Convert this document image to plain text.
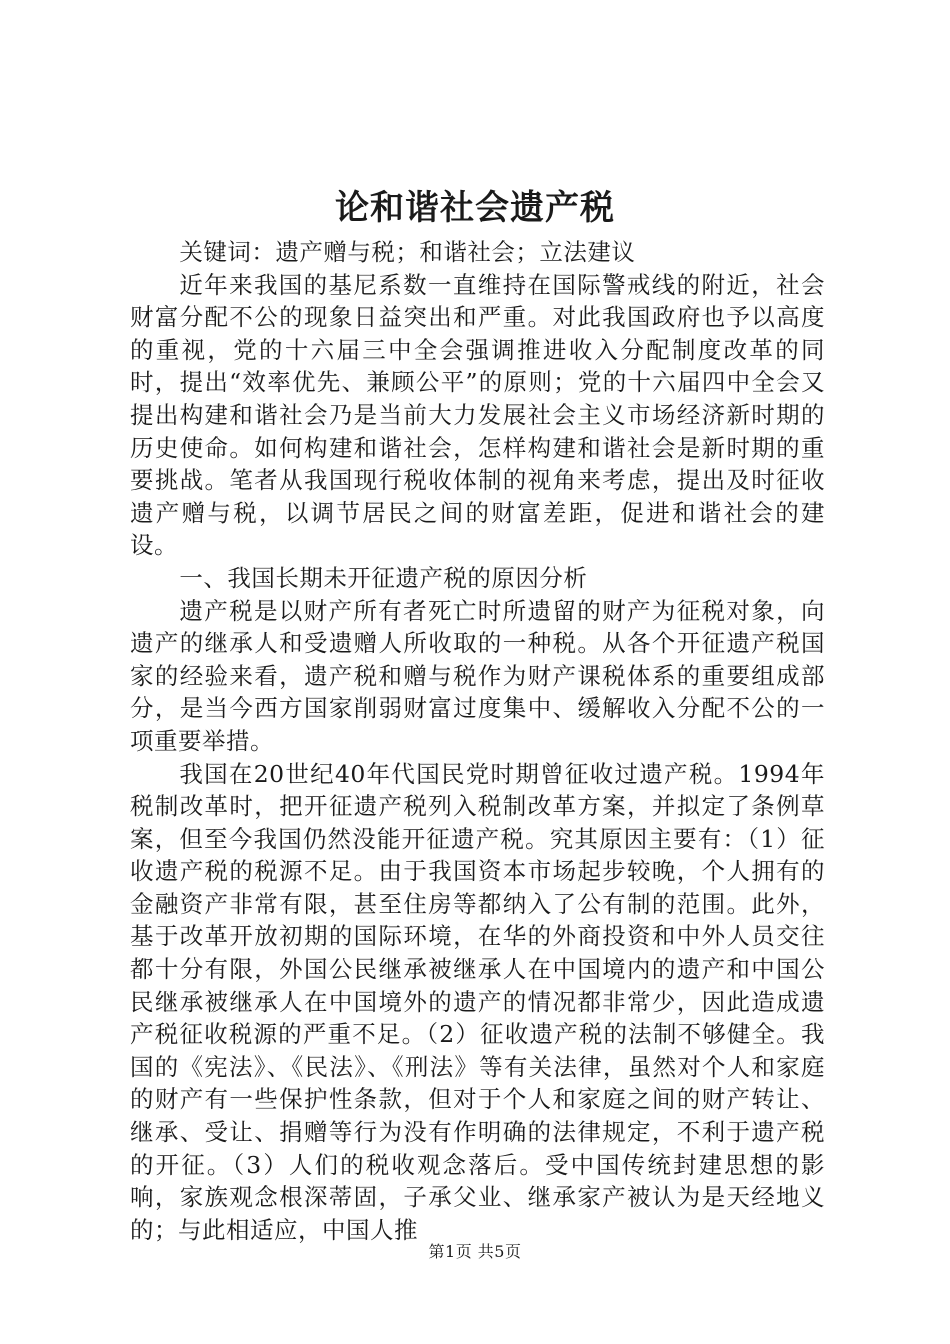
论和谐社会遗产税

关键词：遗产赠与税；和谐社会；立法建议

近年来我国的基尼系数一直维持在国际警戒线的附近，社会财富分配不公的现象日益突出和严重。对此我国政府也予以高度的重视，党的十六届三中全会强调推进收入分配制度改革的同时，提出“效率优先、兼顾公平”的原则；党的十六届四中全会又提出构建和谐社会乃是当前大力发展社会主义市场经济新时期的历史使命。如何构建和谐社会，怎样构建和谐社会是新时期的重要挑战。笔者从我国现行税收体制的视角来考虑，提出及时征收遗产赠与税，以调节居民之间的财富差距，促进和谐社会的建设。

一、我国长期未开征遗产税的原因分析

遗产税是以财产所有者死亡时所遗留的财产为征税对象，向遗产的继承人和受遗赠人所收取的一种税。从各个开征遗产税国家的经验来看，遗产税和赠与税作为财产课税体系的重要组成部分，是当今西方国家削弱财富过度集中、缓解收入分配不公的一项重要举措。

我国在20世纪40年代国民党时期曾征收过遗产税。1994年税制改革时，把开征遗产税列入税制改革方案，并拟定了条例草案，但至今我国仍然没能开征遗产税。究其原因主要有：（1）征收遗产税的税源不足。由于我国资本市场起步较晚，个人拥有的金融资产非常有限，甚至住房等都纳入了公有制的范围。此外，基于改革开放初期的国际环境，在华的外商投资和中外人员交往都十分有限，外国公民继承被继承人在中国境内的遗产和中国公民继承被继承人在中国境外的遗产的情况都非常少，因此造成遗产税征收税源的严重不足。（2）征收遗产税的法制不够健全。我国的《宪法》、《民法》、《刑法》等有关法律，虽然对个人和家庭的财产有一些保护性条款，但对于个人和家庭之间的财产转让、继承、受让、捐赠等行为没有作明确的法律规定，不利于遗产税的开征。（3）人们的税收观念落后。受中国传统封建思想的影响，家族观念根深蒂固，子承父业、继承家产被认为是天经地义的；与此相适应，中国人推

第1页 共5页
